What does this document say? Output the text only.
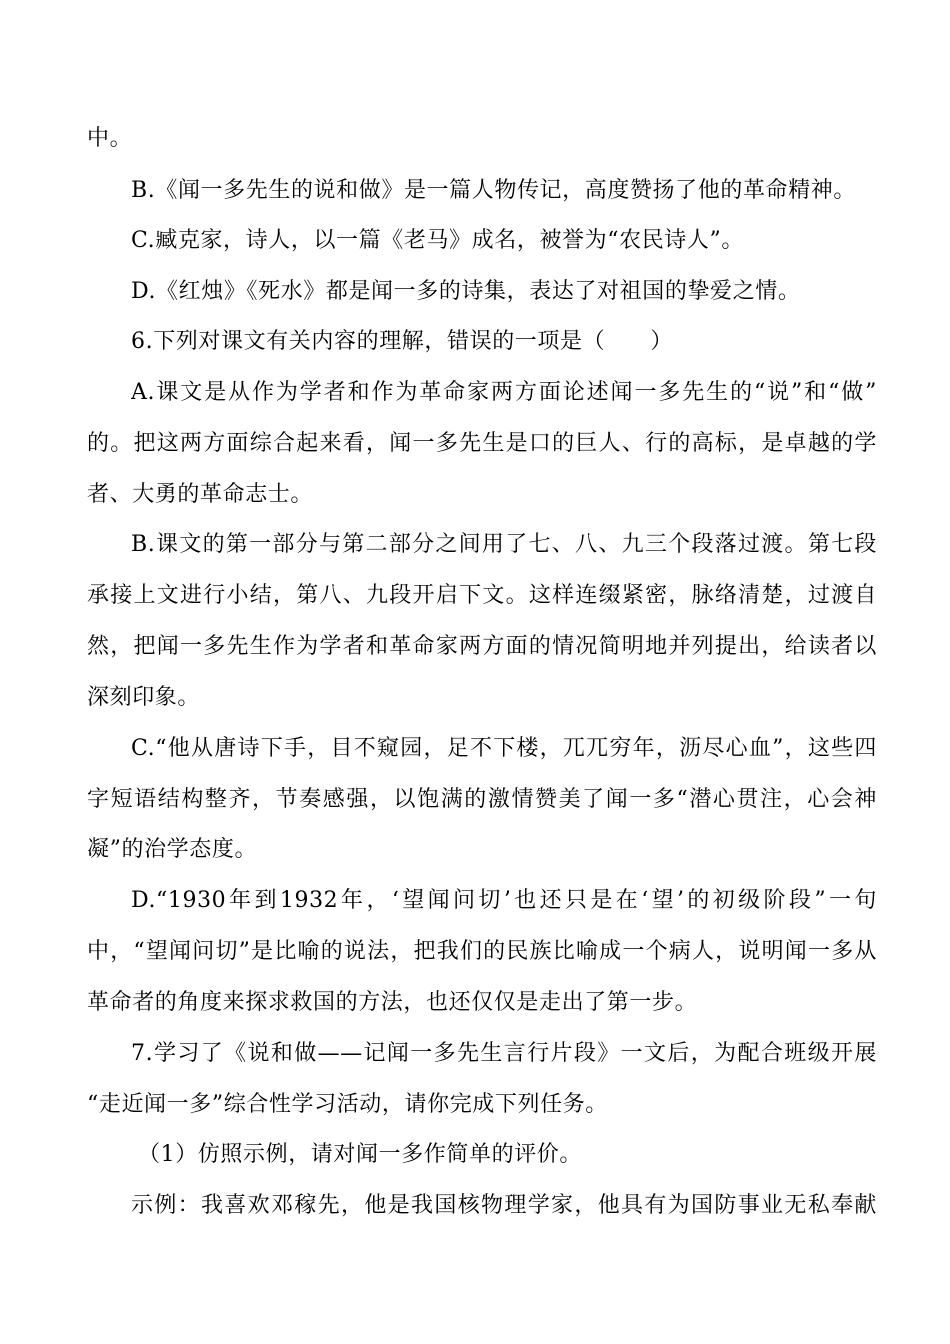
中。
B.《闻一多先生的说和做》是一篇人物传记，高度赞扬了他的革命精神。
C.臧克家，诗人，以一篇《老马》成名，被誉为“农民诗人”。
D.《红烛》《死水》都是闻一多的诗集，表达了对祖国的挚爱之情。
6.下列对课文有关内容的理解，错误的一项是（　　）
A.课文是从作为学者和作为革命家两方面论述闻一多先生的“说”和“做”
的。把这两方面综合起来看，闻一多先生是口的巨人、行的高标，是卓越的学
者、大勇的革命志士。
B.课文的第一部分与第二部分之间用了七、八、九三个段落过渡。第七段
承接上文进行小结，第八、九段开启下文。这样连缀紧密，脉络清楚，过渡自
然，把闻一多先生作为学者和革命家两方面的情况简明地并列提出，给读者以
深刻印象。
C.“他从唐诗下手，目不窥园，足不下楼，兀兀穷年，沥尽心血”，这些四
字短语结构整齐，节奏感强，以饱满的激情赞美了闻一多“潜心贯注，心会神
凝”的治学态度。
D.“1930年到1932年，‘望闻问切’也还只是在‘望’的初级阶段”一句
中，“望闻问切”是比喻的说法，把我们的民族比喻成一个病人，说明闻一多从
革命者的角度来探求救国的方法，也还仅仅是走出了第一步。
7.学习了《说和做——记闻一多先生言行片段》一文后，为配合班级开展
“走近闻一多”综合性学习活动，请你完成下列任务。
（1）仿照示例，请对闻一多作简单的评价。
示例：我喜欢邓稼先，他是我国核物理学家，他具有为国防事业无私奉献
